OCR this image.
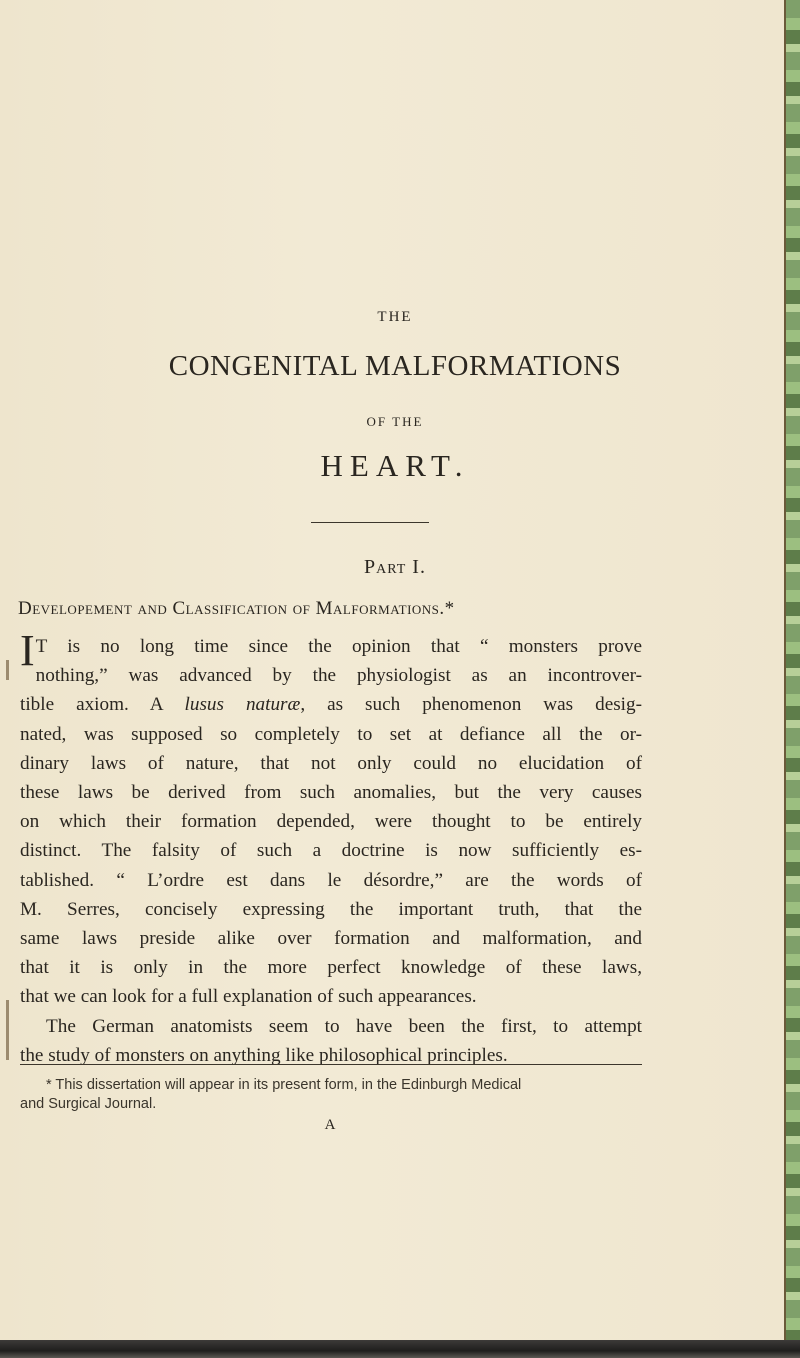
THE
CONGENITAL MALFORMATIONS
OF THE
HEART.
Part I.
Developement and Classification of Malformations.*
I T is no long time since the opinion that “ monsters prove

nothing,” was advanced by the physiologist as an incontrover-

tible axiom. A lusus naturæ, as such phenomenon was desig-

nated, was supposed so completely to set at defiance all the or-

dinary laws of nature, that not only could no elucidation of

these laws be derived from such anomalies, but the very causes

on which their formation depended, were thought to be entirely

distinct. The falsity of such a doctrine is now sufficiently es-

tablished. “ L’ordre est dans le désordre,” are the words of

M. Serres, concisely expressing the important truth, that the

same laws preside alike over formation and malformation, and

that it is only in the more perfect knowledge of these laws,

that we can look for a full explanation of such appearances.

The German anatomists seem to have been the first, to attempt

the study of monsters on anything like philosophical principles.

* This dissertation will appear in its present form, in the Edinburgh Medical
and Surgical Journal.
A
